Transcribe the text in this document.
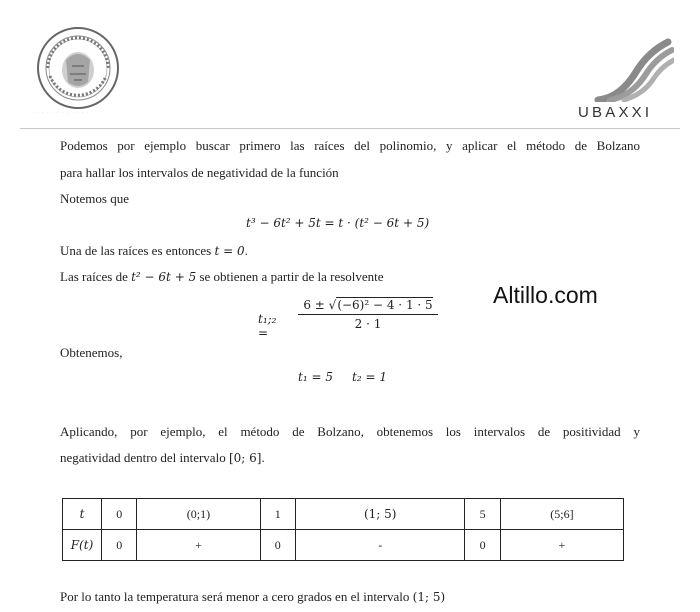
· · · · · · · · · · · ·	UBAXXI
Podemos por ejemplo buscar primero las raíces del polinomio, y aplicar el método de Bolzano
para hallar los intervalos de negatividad de la función
Notemos que
t³ − 6t² + 5t = t · (t² − 6t + 5)
Una de las raíces es entonces t = 0.
Las raíces de t² − 6t + 5 se obtienen a partir de la resolvente
Altillo.com
t₁;₂ =
$\frac{\text{6 ± √(−6)² − 4 · 1 · 5}}{2 \cdot 1}$
Obtenemos,
t₁ = 5     t₂ = 1
Aplicando, por ejemplo, el método de Bolzano, obtenemos los intervalos de positividad y
negatividad dentro del intervalo [0; 6].
t	0	(0;1)	1	(1; 5)	5	(5;6]
F(t)	0	+	0	-	0	+
Por lo tanto la temperatura será menor a cero grados en el intervalo (1; 5)
